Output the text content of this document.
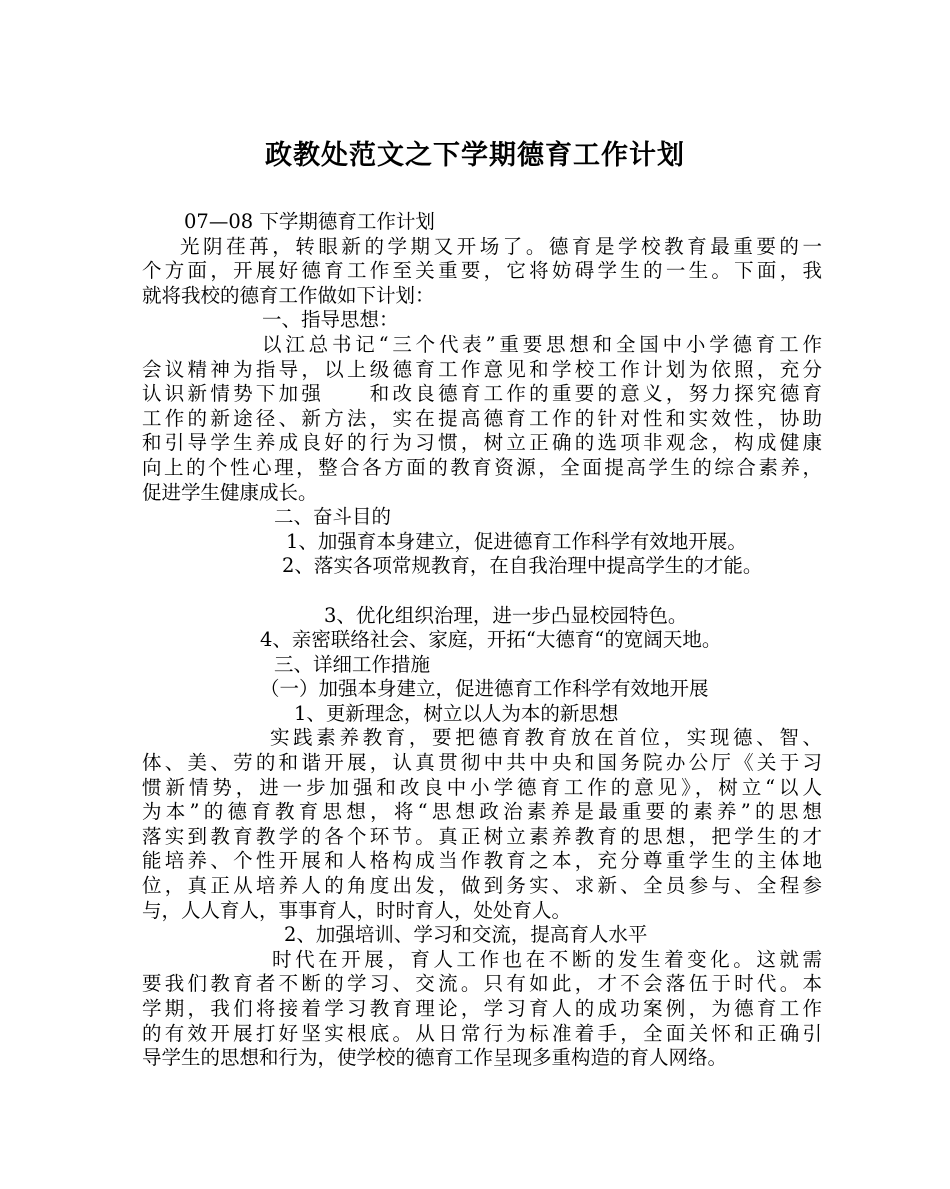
政教处范文之下学期德育工作计划
07—08 下学期德育工作计划
光阴荏苒，转眼新的学期又开场了。德育是学校教育最重要的一
个方面，开展好德育工作至关重要，它将妨碍学生的一生。下面，我
就将我校的德育工作做如下计划：
一、指导思想：
以江总书记“三个代表”重要思想和全国中小学德育工作
会议精神为指导，以上级德育工作意见和学校工作计划为依照，充分
认识新情势下加强　　和改良德育工作的重要的意义，努力探究德育
工作的新途径、新方法，实在提高德育工作的针对性和实效性，协助
和引导学生养成良好的行为习惯，树立正确的选项非观念，构成健康
向上的个性心理，整合各方面的教育资源，全面提高学生的综合素养，
促进学生健康成长。
二、奋斗目的
1、加强育本身建立，促进德育工作科学有效地开展。
2、落实各项常规教育，在自我治理中提高学生的才能。
3、优化组织治理，进一步凸显校园特色。
4、亲密联络社会、家庭，开拓“大德育“的宽阔天地。
三、详细工作措施
（一）加强本身建立，促进德育工作科学有效地开展
1、更新理念，树立以人为本的新思想
实践素养教育，要把德育教育放在首位，实现德、智、
体、美、劳的和谐开展，认真贯彻中共中央和国务院办公厅《关于习
惯新情势，进一步加强和改良中小学德育工作的意见》，树立“以人
为本”的德育教育思想，将“思想政治素养是最重要的素养”的思想
落实到教育教学的各个环节。真正树立素养教育的思想，把学生的才
能培养、个性开展和人格构成当作教育之本，充分尊重学生的主体地
位，真正从培养人的角度出发，做到务实、求新、全员参与、全程参
与，人人育人，事事育人，时时育人，处处育人。
2、加强培训、学习和交流，提高育人水平
时代在开展，育人工作也在不断的发生着变化。这就需
要我们教育者不断的学习、交流。只有如此，才不会落伍于时代。本
学期，我们将接着学习教育理论，学习育人的成功案例，为德育工作
的有效开展打好坚实根底。从日常行为标准着手，全面关怀和正确引
导学生的思想和行为，使学校的德育工作呈现多重构造的育人网络。
